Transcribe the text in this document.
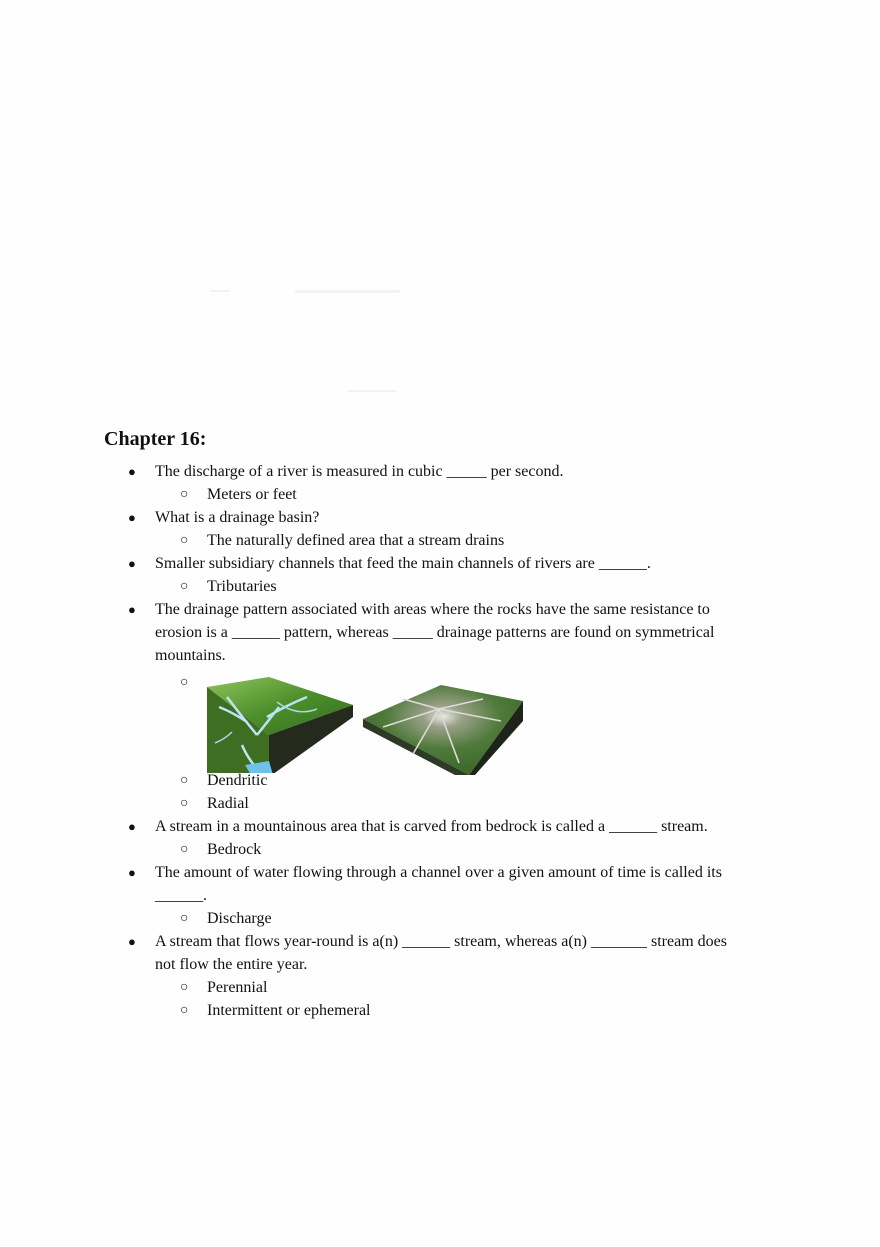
Chapter 16:
● The discharge of a river is measured in cubic _____ per second.
○ Meters or feet
● What is a drainage basin?
○ The naturally defined area that a stream drains
● Smaller subsidiary channels that feed the main channels of rivers are ______.
○ Tributaries
● The drainage pattern associated with areas where the rocks have the same resistance to
erosion is a ______ pattern, whereas _____ drainage patterns are found on symmetrical
mountains.
○
○ Dendritic
○ Radial
● A stream in a mountainous area that is carved from bedrock is called a ______ stream.
○ Bedrock
● The amount of water flowing through a channel over a given amount of time is called its
______.
○ Discharge
● A stream that flows year-round is a(n) ______ stream, whereas a(n) _______ stream does
not flow the entire year.
○ Perennial
○ Intermittent or ephemeral
